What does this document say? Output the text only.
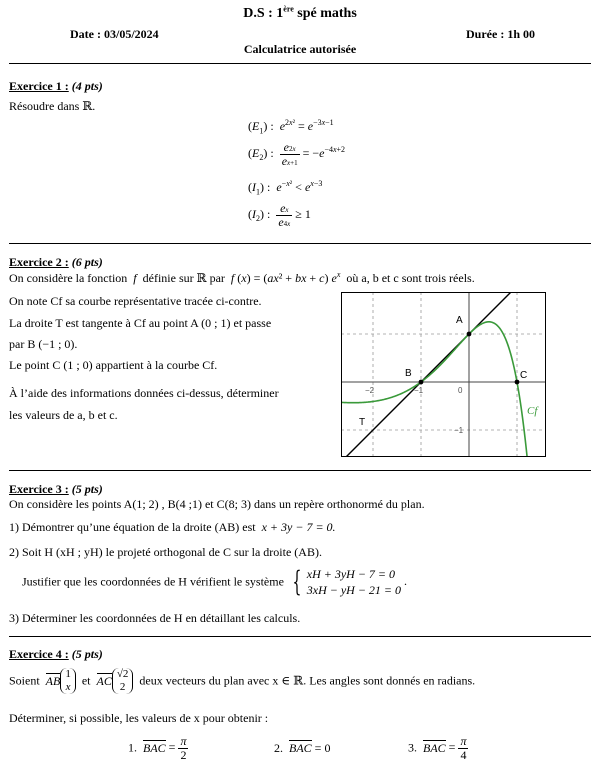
D.S : 1ère spé maths
Date : 03/05/2024	Durée : 1h 00
Calculatrice autorisée
Exercice 1 : (4 pts)
Résoudre dans ℝ.
$(E_1)$ :  $e^{2x^2} = e^{-3x-1}$
$(E_2)$ : $\frac{e2x}{ex+1} = -e^{-4x+2}$
$(I_1)$ :  $e^{-x^2} < e^{x-3}$
$(I_2)$ : $\frac{ex}{e4x} \ge 1$
Exercice 2 : (6 pts)
On considère la fonction f définie sur ℝ par f (x) = (ax² + bx + c) $e^x$ où a, b et c sont trois réels.
On note Cf sa courbe représentative tracée ci-contre.
La droite T est tangente à Cf au point A (0 ; 1) et passe
par B (−1 ; 0).
Le point C (1 ; 0) appartient à la courbe Cf.
À l’aide des informations données ci-dessus, déterminer
les valeurs de a, b et c.
A
B	C
T
Cf
−2	−1	0
−1
Exercice 3 : (5 pts)
On considère les points A(1; 2) , B(4 ;1) et C(8; 3) dans un repère orthonormé du plan.
1) Démontrer qu’une équation de la droite (AB) est x + 3y − 7 = 0.
2) Soit H (xH ; yH) le projeté orthogonal de C sur la droite (AB).
Justifier que les coordonnées de H vérifient le système { xH + 3yH − 7 = 0
3xH − yH − 21 = 0 .
3) Déterminer les coordonnées de H en détaillant les calculs.
Exercice 4 : (5 pts)
Soient AB 1
x et AC √2
2 deux vecteurs du plan avec x ∈ ℝ. Les angles sont donnés en radians.
Déterminer, si possible, les valeurs de x pour obtenir :
1. BAC = $\frac{\pi}{2}$	2. BAC = 0	3. BAC = $\frac{\pi}{4}$
